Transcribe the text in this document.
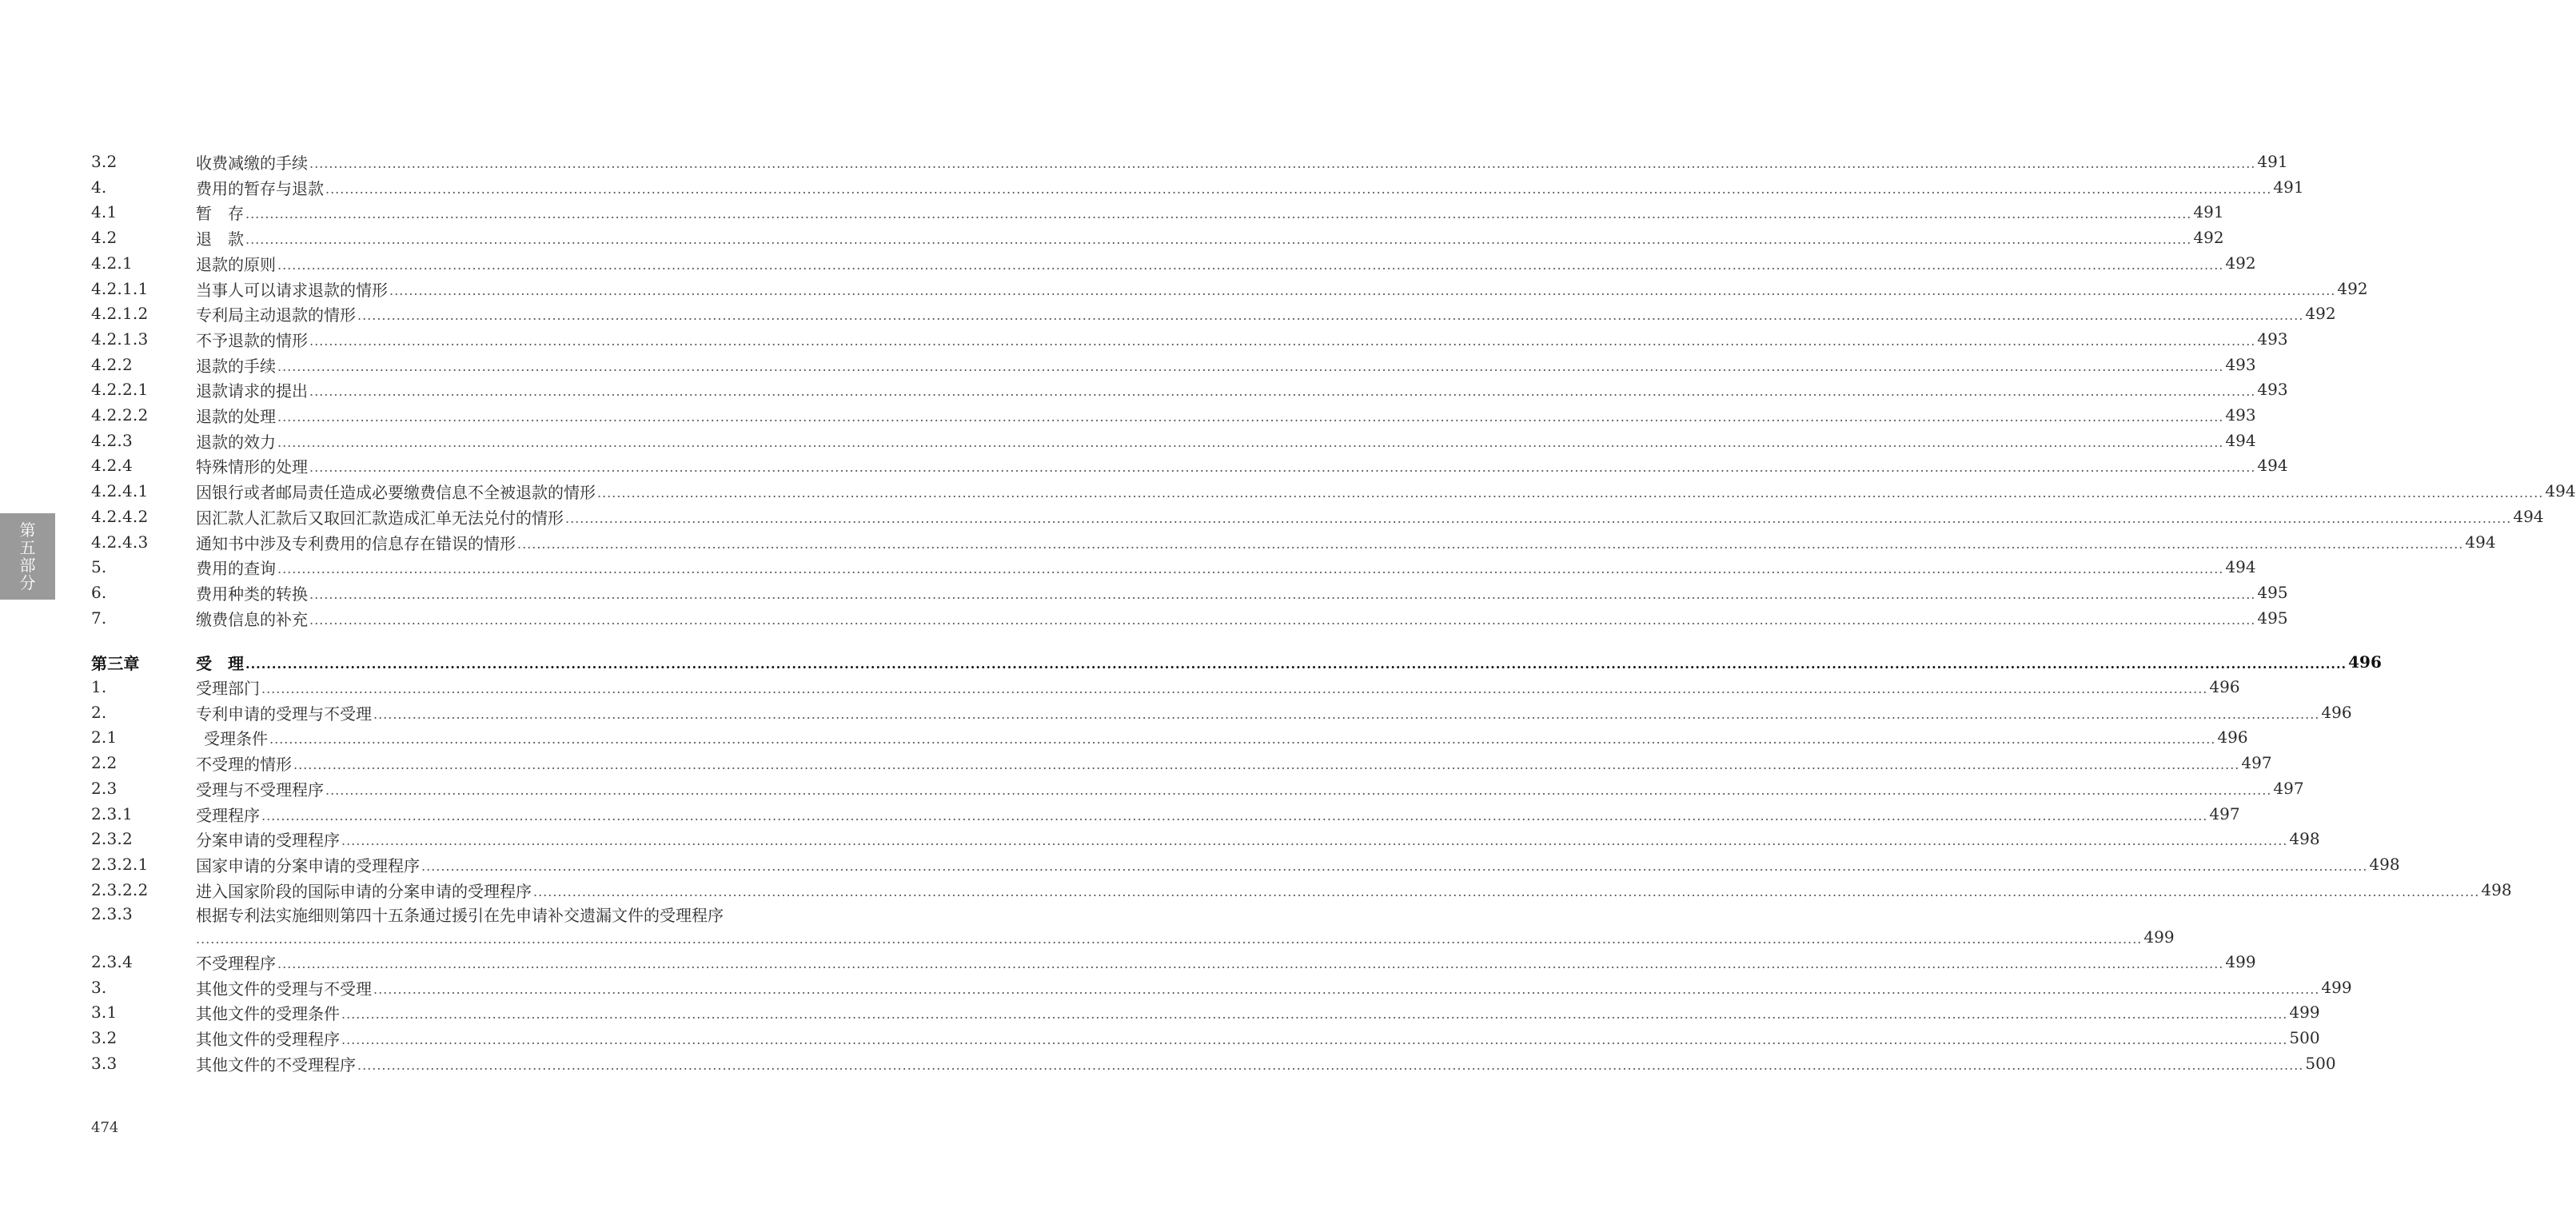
第
五
部
分
3.2	收费减缴的手续 ................................................................................................................................................................................................................................................................................................................................................................................................................ 491
4.	费用的暂存与退款 ................................................................................................................................................................................................................................................................................................................................................................................................................ 491
4.1	暂　存 ................................................................................................................................................................................................................................................................................................................................................................................................................ 491
4.2	退　款 ................................................................................................................................................................................................................................................................................................................................................................................................................ 492
4.2.1	退款的原则 ................................................................................................................................................................................................................................................................................................................................................................................................................ 492
4.2.1.1	当事人可以请求退款的情形 ................................................................................................................................................................................................................................................................................................................................................................................................................ 492
4.2.1.2	专利局主动退款的情形 ................................................................................................................................................................................................................................................................................................................................................................................................................ 492
4.2.1.3	不予退款的情形 ................................................................................................................................................................................................................................................................................................................................................................................................................ 493
4.2.2	退款的手续 ................................................................................................................................................................................................................................................................................................................................................................................................................ 493
4.2.2.1	退款请求的提出 ................................................................................................................................................................................................................................................................................................................................................................................................................ 493
4.2.2.2	退款的处理 ................................................................................................................................................................................................................................................................................................................................................................................................................ 493
4.2.3	退款的效力 ................................................................................................................................................................................................................................................................................................................................................................................................................ 494
4.2.4	特殊情形的处理 ................................................................................................................................................................................................................................................................................................................................................................................................................ 494
4.2.4.1	因银行或者邮局责任造成必要缴费信息不全被退款的情形 ................................................................................................................................................................................................................................................................................................................................................................................................................ 494
4.2.4.2	因汇款人汇款后又取回汇款造成汇单无法兑付的情形 ................................................................................................................................................................................................................................................................................................................................................................................................................ 494
4.2.4.3	通知书中涉及专利费用的信息存在错误的情形 ................................................................................................................................................................................................................................................................................................................................................................................................................ 494
5.	费用的查询 ................................................................................................................................................................................................................................................................................................................................................................................................................ 494
6.	费用种类的转换 ................................................................................................................................................................................................................................................................................................................................................................................................................ 495
7.	缴费信息的补充 ................................................................................................................................................................................................................................................................................................................................................................................................................ 495
第三章	受　理 ................................................................................................................................................................................................................................................................................................................................................................................................................ 496
1.	受理部门 ................................................................................................................................................................................................................................................................................................................................................................................................................ 496
2.	专利申请的受理与不受理 ................................................................................................................................................................................................................................................................................................................................................................................................................ 496
2.1	受理条件 ................................................................................................................................................................................................................................................................................................................................................................................................................ 496
2.2	不受理的情形 ................................................................................................................................................................................................................................................................................................................................................................................................................ 497
2.3	受理与不受理程序 ................................................................................................................................................................................................................................................................................................................................................................................................................ 497
2.3.1	受理程序 ................................................................................................................................................................................................................................................................................................................................................................................................................ 497
2.3.2	分案申请的受理程序 ................................................................................................................................................................................................................................................................................................................................................................................................................ 498
2.3.2.1	国家申请的分案申请的受理程序 ................................................................................................................................................................................................................................................................................................................................................................................................................ 498
2.3.2.2	进入国家阶段的国际申请的分案申请的受理程序 ................................................................................................................................................................................................................................................................................................................................................................................................................ 498
2.3.3	根据专利法实施细则第四十五条通过援引在先申请补交遗漏文件的受理程序
................................................................................................................................................................................................................................................................................................................................................................................................................ 499
2.3.4	不受理程序 ................................................................................................................................................................................................................................................................................................................................................................................................................ 499
3.	其他文件的受理与不受理 ................................................................................................................................................................................................................................................................................................................................................................................................................ 499
3.1	其他文件的受理条件 ................................................................................................................................................................................................................................................................................................................................................................................................................ 499
3.2	其他文件的受理程序 ................................................................................................................................................................................................................................................................................................................................................................................................................ 500
3.3	其他文件的不受理程序 ................................................................................................................................................................................................................................................................................................................................................................................................................ 500
474
